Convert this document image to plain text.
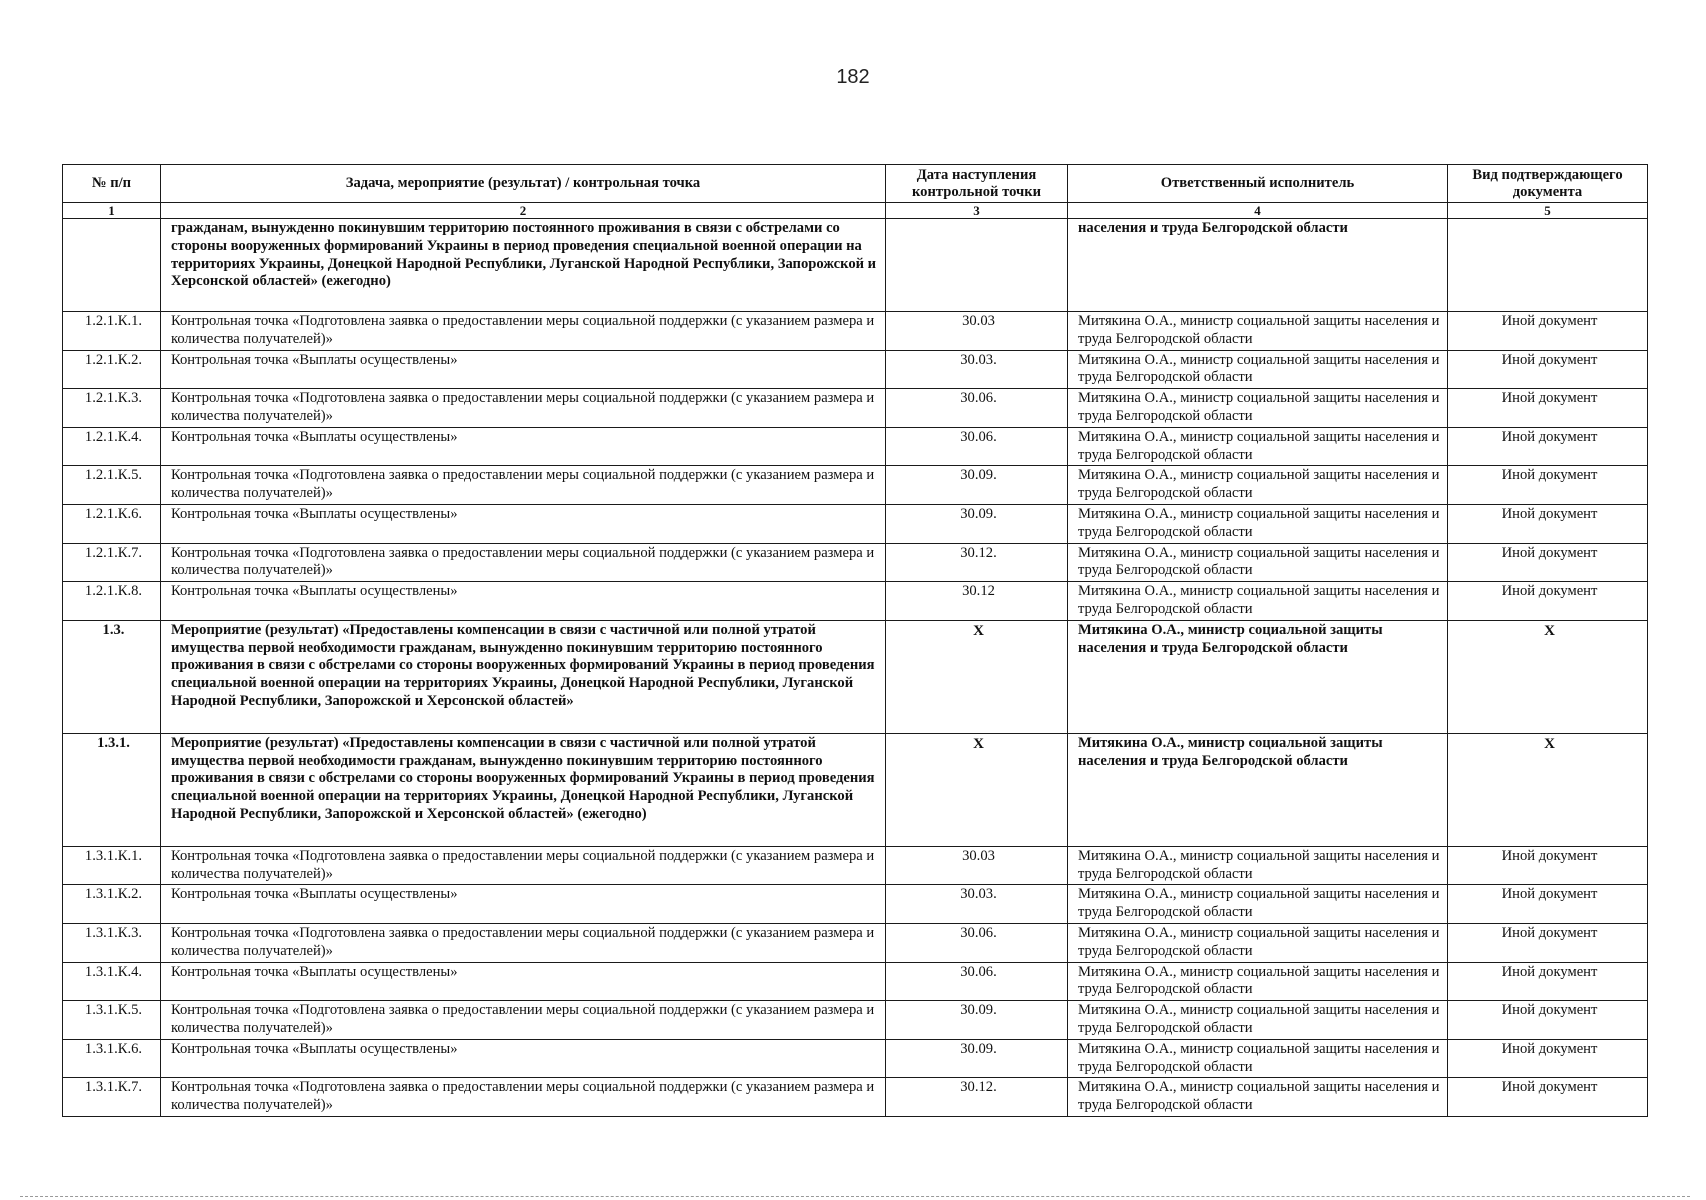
182
№ п/п	Задача, мероприятие (результат) / контрольная точка	Дата наступления контрольной точки	Ответственный исполнитель	Вид подтверждающего документа
1	2	3	4	5
	гражданам, вынужденно покинувшим территорию постоянного проживания в связи с обстрелами со стороны вооруженных формирований Украины в период проведения специальной военной операции на территориях Украины, Донецкой Народной Республики, Луганской Народной Республики, Запорожской и Херсонской областей» (ежегодно)		населения и труда Белгородской области	
1.2.1.К.1.	Контрольная точка «Подготовлена заявка о предоставлении меры социальной поддержки (с указанием размера и количества получателей)»	30.03	Митякина О.А., министр социальной защиты населения и труда Белгородской области	Иной документ
1.2.1.К.2.	Контрольная точка «Выплаты осуществлены»	30.03.	Митякина О.А., министр социальной защиты населения и труда Белгородской области	Иной документ
1.2.1.К.3.	Контрольная точка «Подготовлена заявка о предоставлении меры социальной поддержки (с указанием размера и количества получателей)»	30.06.	Митякина О.А., министр социальной защиты населения и труда Белгородской области	Иной документ
1.2.1.К.4.	Контрольная точка «Выплаты осуществлены»	30.06.	Митякина О.А., министр социальной защиты населения и труда Белгородской области	Иной документ
1.2.1.К.5.	Контрольная точка «Подготовлена заявка о предоставлении меры социальной поддержки (с указанием размера и количества получателей)»	30.09.	Митякина О.А., министр социальной защиты населения и труда Белгородской области	Иной документ
1.2.1.К.6.	Контрольная точка «Выплаты осуществлены»	30.09.	Митякина О.А., министр социальной защиты населения и труда Белгородской области	Иной документ
1.2.1.К.7.	Контрольная точка «Подготовлена заявка о предоставлении меры социальной поддержки (с указанием размера и количества получателей)»	30.12.	Митякина О.А., министр социальной защиты населения и труда Белгородской области	Иной документ
1.2.1.К.8.	Контрольная точка «Выплаты осуществлены»	30.12	Митякина О.А., министр социальной защиты населения и труда Белгородской области	Иной документ
1.3.	Мероприятие (результат) «Предоставлены компенсации в связи с частичной или полной утратой имущества первой необходимости гражданам, вынужденно покинувшим территорию постоянного проживания в связи с обстрелами со стороны вооруженных формирований Украины в период проведения специальной военной операции на территориях Украины, Донецкой Народной Республики, Луганской Народной Республики, Запорожской и Херсонской областей»	Х	Митякина О.А., министр социальной защиты населения и труда Белгородской области	Х
1.3.1.	Мероприятие (результат) «Предоставлены компенсации в связи с частичной или полной утратой имущества первой необходимости гражданам, вынужденно покинувшим территорию постоянного проживания в связи с обстрелами со стороны вооруженных формирований Украины в период проведения специальной военной операции на территориях Украины, Донецкой Народной Республики, Луганской Народной Республики, Запорожской и Херсонской областей» (ежегодно)	Х	Митякина О.А., министр социальной защиты населения и труда Белгородской области	Х
1.3.1.К.1.	Контрольная точка «Подготовлена заявка о предоставлении меры социальной поддержки (с указанием размера и количества получателей)»	30.03	Митякина О.А., министр социальной защиты населения и труда Белгородской области	Иной документ
1.3.1.К.2.	Контрольная точка «Выплаты осуществлены»	30.03.	Митякина О.А., министр социальной защиты населения и труда Белгородской области	Иной документ
1.3.1.К.3.	Контрольная точка «Подготовлена заявка о предоставлении меры социальной поддержки (с указанием размера и количества получателей)»	30.06.	Митякина О.А., министр социальной защиты населения и труда Белгородской области	Иной документ
1.3.1.К.4.	Контрольная точка «Выплаты осуществлены»	30.06.	Митякина О.А., министр социальной защиты населения и труда Белгородской области	Иной документ
1.3.1.К.5.	Контрольная точка «Подготовлена заявка о предоставлении меры социальной поддержки (с указанием размера и количества получателей)»	30.09.	Митякина О.А., министр социальной защиты населения и труда Белгородской области	Иной документ
1.3.1.К.6.	Контрольная точка «Выплаты осуществлены»	30.09.	Митякина О.А., министр социальной защиты населения и труда Белгородской области	Иной документ
1.3.1.К.7.	Контрольная точка «Подготовлена заявка о предоставлении меры социальной поддержки (с указанием размера и количества получателей)»	30.12.	Митякина О.А., министр социальной защиты населения и труда Белгородской области	Иной документ
